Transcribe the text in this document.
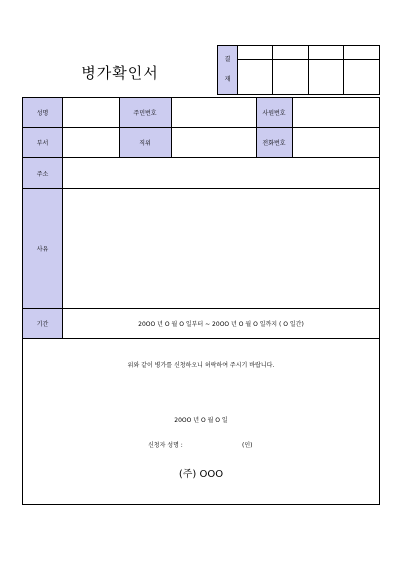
병가확인서
결
재
성명
부서
주소
사유
기간
주민번호
직위
사원번호
전화번호
20OO 년 O 월 O 일부터 ~ 20OO 년 O 월 O 일까지 ( O 일간)
위와 같이 병가를 신청하오니 허락하여 주시기 바랍니다.
20OO 년 O 월 O 일
신청자 성명 :	(인)
(주) OOO
